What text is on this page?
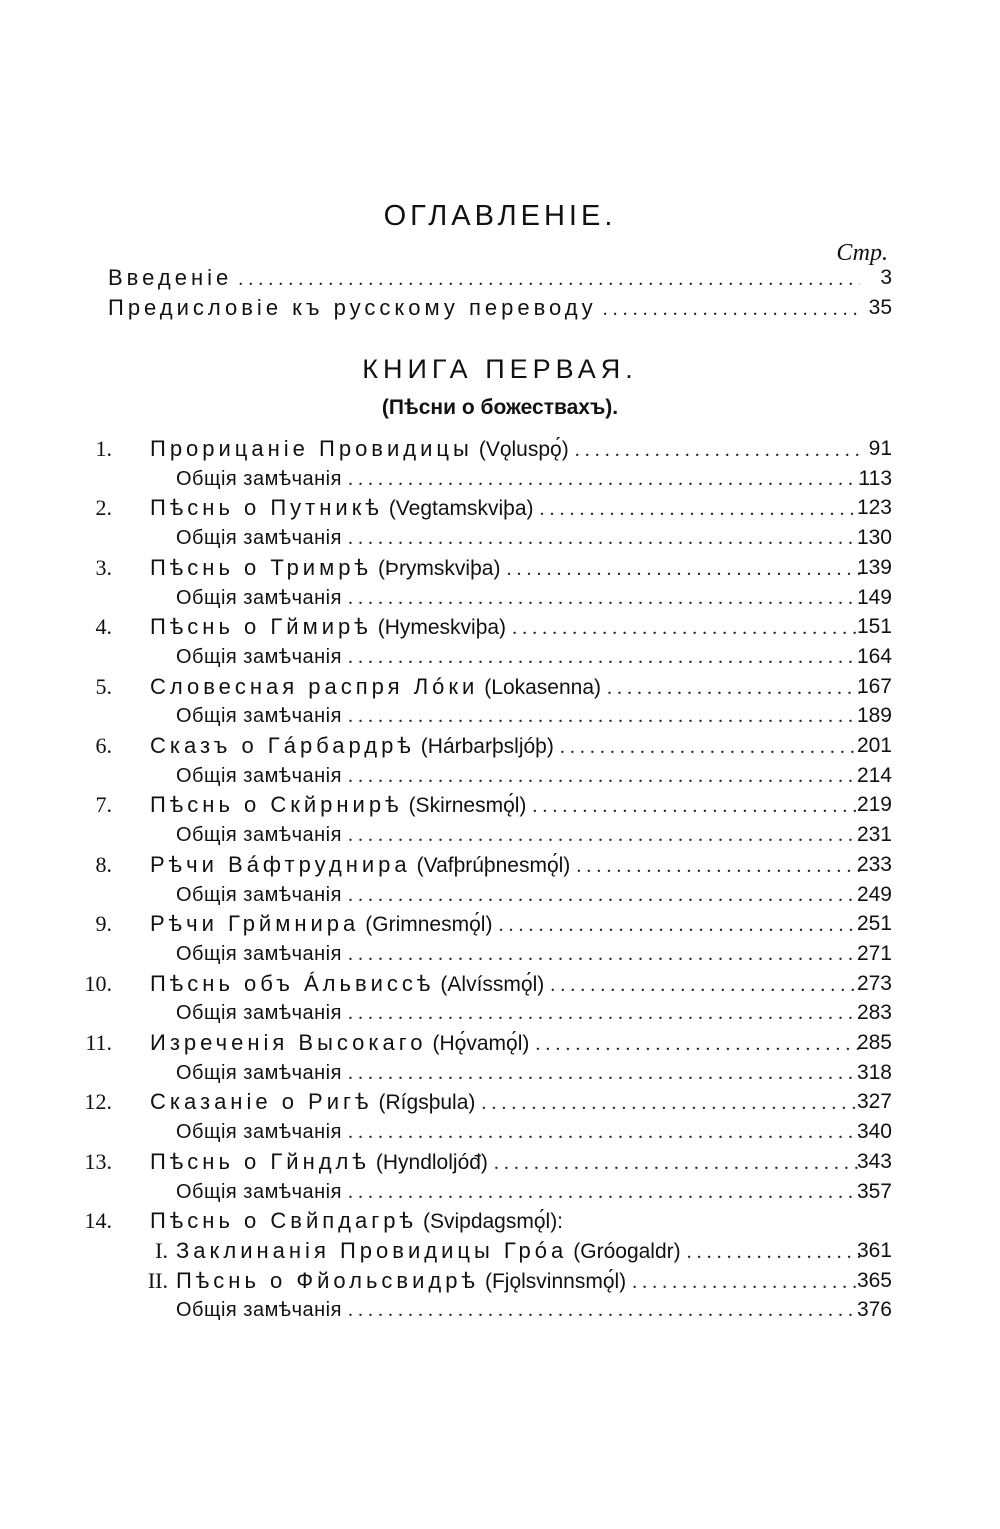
ОГЛАВЛЕНIЕ.
Стр.
Введенiе . . .	3
Предисловiе къ русскому переводу . . .	35
КНИГА ПЕРВАЯ.
(Пѣсни о божествахъ).
1. Прорицанiе Провидицы (Vǫluspǫ́) . . .	91
Общiя замѣчанiя . . .	113
2. Пѣснь о Путникѣ (Vegtamskviþa) . . .	123
Общiя замѣчанiя . . .	130
3. Пѣснь о Тримрѣ (Þrymskviþa) . . .	139
Общiя замѣчанiя . . .	149
4. Пѣснь о Гймирѣ (Hymeskviþa) . . .	151
Общiя замѣчанiя . . .	164
5. Словесная распря Лóки (Lokasenna) . . .	167
Общiя замѣчанiя . . .	189
6. Сказъ о Гáрбардрѣ (Hárbarþsljóþ) . . .	201
Общiя замѣчанiя . . .	214
7. Пѣснь о Скйрнирѣ (Skirnesmǫ́l) . . .	219
Общiя замѣчанiя . . .	231
8. Рѣчи Вáфтруднира (Vafþrúþnesmǫ́l) . . .	233
Общiя замѣчанiя . . .	249
9. Рѣчи Грймнира (Grimnesmǫ́l) . . .	251
Общiя замѣчанiя . . .	271
10. Пѣснь объ Áльвиссѣ (Alvíssmǫ́l) . . .	273
Общiя замѣчанiя . . .	283
11. Изреченiя Высокаго (Hǫ́vamǫ́l) . . .	285
Общiя замѣчанiя . . .	318
12. Сказанiе о Ригѣ (Rígsþula) . . .	327
Общiя замѣчанiя . . .	340
13. Пѣснь о Гйндлѣ (Hyndloljóđ) . . .	343
Общiя замѣчанiя . . .	357
14. Пѣснь о Свйпдагрѣ (Svipdagsmǫ́l):
I. Заклинанiя Провидицы Грóа (Gróogaldr) . . .	361
II. Пѣснь о Фйольсвидрѣ (Fjǫlsvinnsmǫ́l) . . .	365
Общiя замѣчанiя . . .	376
